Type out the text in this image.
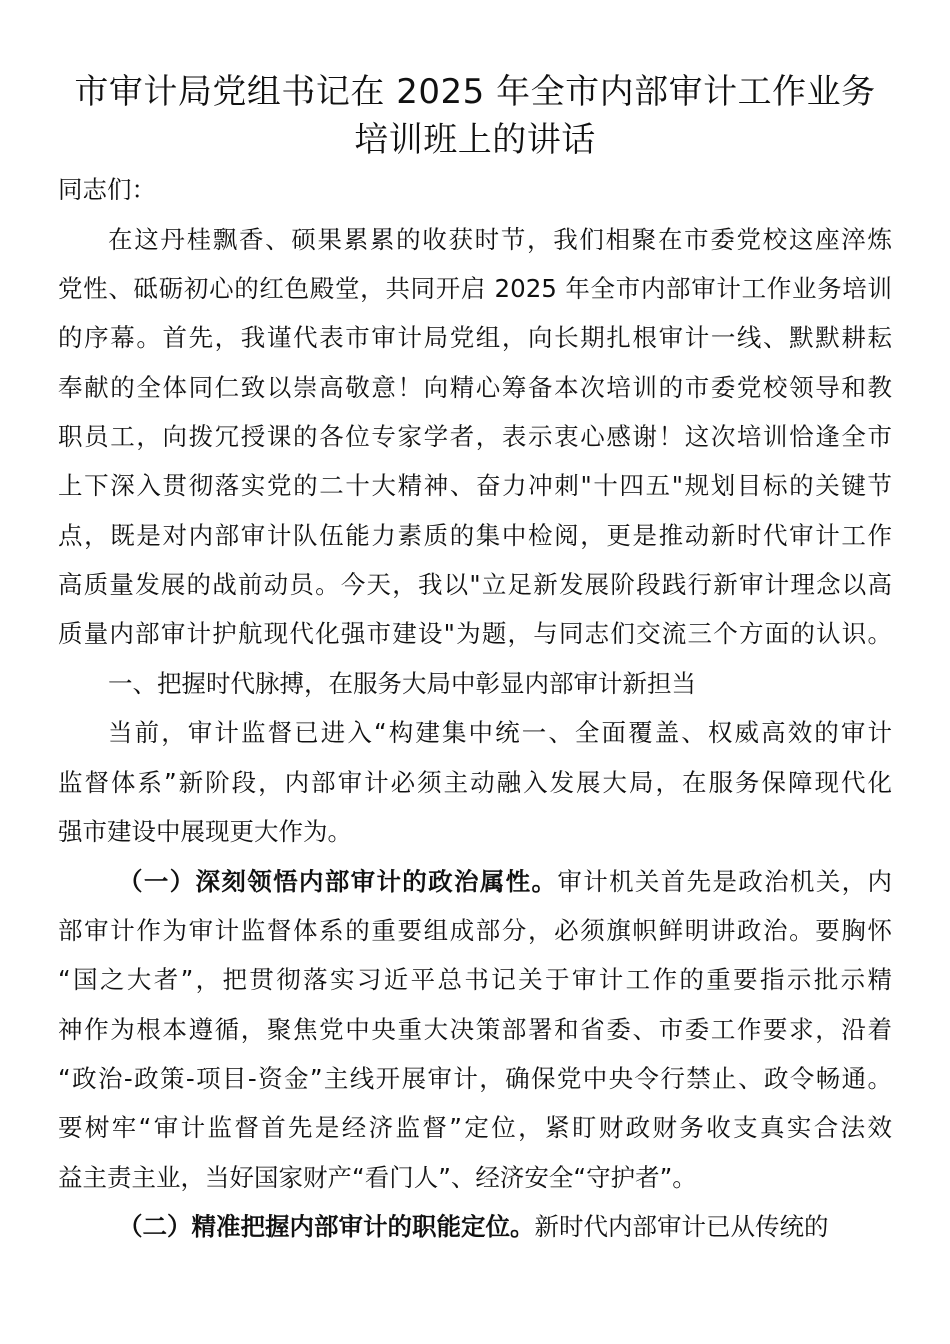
市审计局党组书记在 2025 年全市内部审计工作业务
培训班上的讲话

同志们：

在这丹桂飘香、硕果累累的收获时节，我们相聚在市委党校这座淬炼

党性、砥砺初心的红色殿堂，共同开启 2025 年全市内部审计工作业务培训

的序幕。首先，我谨代表市审计局党组，向长期扎根审计一线、默默耕耘

奉献的全体同仁致以崇高敬意！向精心筹备本次培训的市委党校领导和教

职员工，向拨冗授课的各位专家学者，表示衷心感谢！这次培训恰逢全市

上下深入贯彻落实党的二十大精神、奋力冲刺"十四五"规划目标的关键节

点，既是对内部审计队伍能力素质的集中检阅，更是推动新时代审计工作

高质量发展的战前动员。今天，我以"立足新发展阶段践行新审计理念以高

质量内部审计护航现代化强市建设"为题，与同志们交流三个方面的认识。

一、把握时代脉搏，在服务大局中彰显内部审计新担当

当前，审计监督已进入“构建集中统一、全面覆盖、权威高效的审计

监督体系”新阶段，内部审计必须主动融入发展大局，在服务保障现代化

强市建设中展现更大作为。

（一）深刻领悟内部审计的政治属性。审计机关首先是政治机关，内

部审计作为审计监督体系的重要组成部分，必须旗帜鲜明讲政治。要胸怀

“国之大者”，把贯彻落实习近平总书记关于审计工作的重要指示批示精

神作为根本遵循，聚焦党中央重大决策部署和省委、市委工作要求，沿着

“政治-政策-项目-资金”主线开展审计，确保党中央令行禁止、政令畅通。

要树牢“审计监督首先是经济监督”定位，紧盯财政财务收支真实合法效

益主责主业，当好国家财产“看门人”、经济安全“守护者”。

（二）精准把握内部审计的职能定位。新时代内部审计已从传统的
